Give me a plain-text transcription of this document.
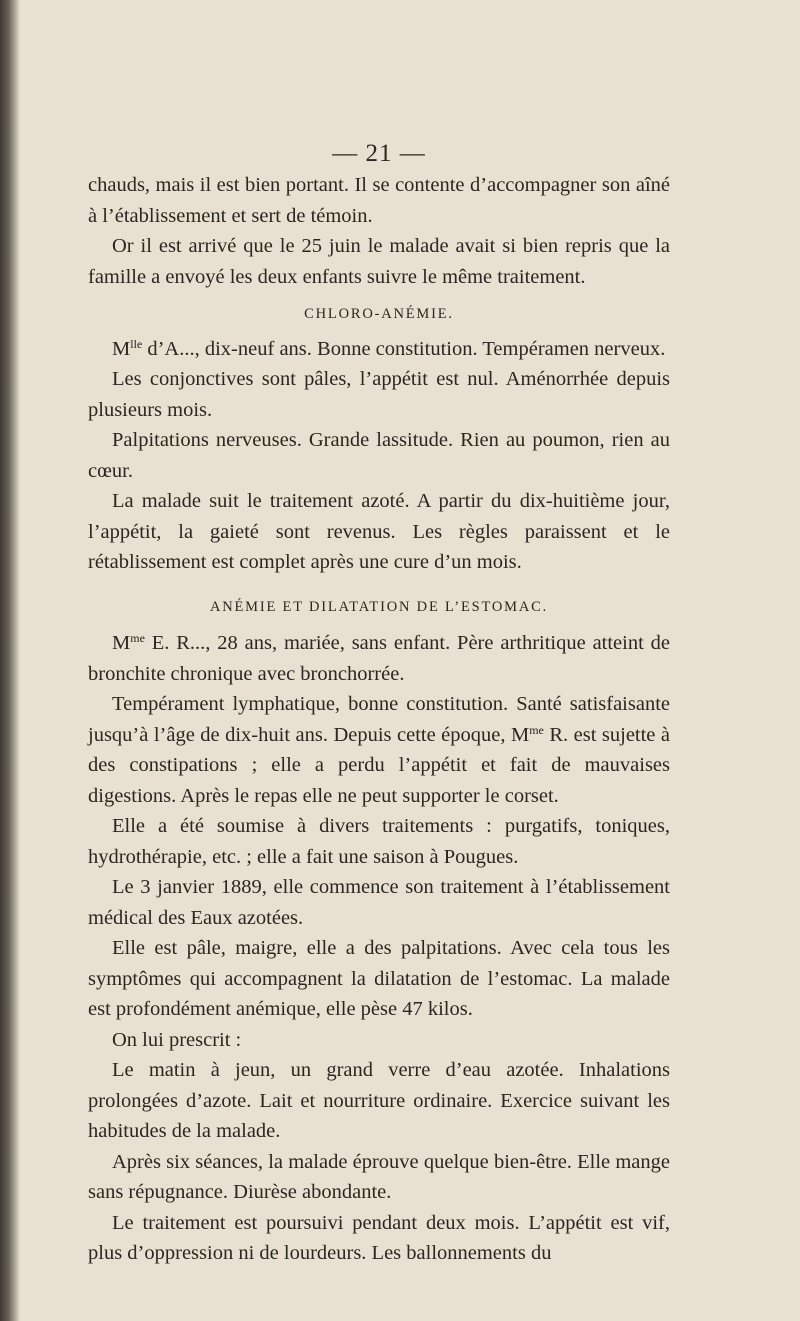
— 21 —

chauds, mais il est bien portant. Il se contente d’accompagner son aîné à l’établissement et sert de témoin.

Or il est arrivé que le 25 juin le malade avait si bien repris que la famille a envoyé les deux enfants suivre le même traitement.

CHLORO-ANÉMIE.

$M^{lle}$ d’A..., dix-neuf ans. Bonne constitution. Tempéramen nerveux.

Les conjonctives sont pâles, l’appétit est nul. Aménorrhée depuis plusieurs mois.

Palpitations nerveuses. Grande lassitude. Rien au poumon, rien au cœur.

La malade suit le traitement azoté. A partir du dix-huitième jour, l’appétit, la gaieté sont revenus. Les règles paraissent et le rétablissement est complet après une cure d’un mois.

ANÉMIE ET DILATATION DE L’ESTOMAC.

$M^{me}$ E. R..., 28 ans, mariée, sans enfant. Père arthritique atteint de bronchite chronique avec bronchorrée.

Tempérament lymphatique, bonne constitution. Santé satisfaisante jusqu’à l’âge de dix-huit ans. Depuis cette époque, $M^{me}$ R. est sujette à des constipations ; elle a perdu l’appétit et fait de mauvaises digestions. Après le repas elle ne peut supporter le corset.

Elle a été soumise à divers traitements : purgatifs, toniques, hydrothérapie, etc. ; elle a fait une saison à Pougues.

Le 3 janvier 1889, elle commence son traitement à l’établissement médical des Eaux azotées.

Elle est pâle, maigre, elle a des palpitations. Avec cela tous les symptômes qui accompagnent la dilatation de l’estomac. La malade est profondément anémique, elle pèse 47 kilos.

On lui prescrit :

Le matin à jeun, un grand verre d’eau azotée. Inhalations prolongées d’azote. Lait et nourriture ordinaire. Exercice suivant les habitudes de la malade.

Après six séances, la malade éprouve quelque bien-être. Elle mange sans répugnance. Diurèse abondante.

Le traitement est poursuivi pendant deux mois. L’appétit est vif, plus d’oppression ni de lourdeurs. Les ballonnements du
